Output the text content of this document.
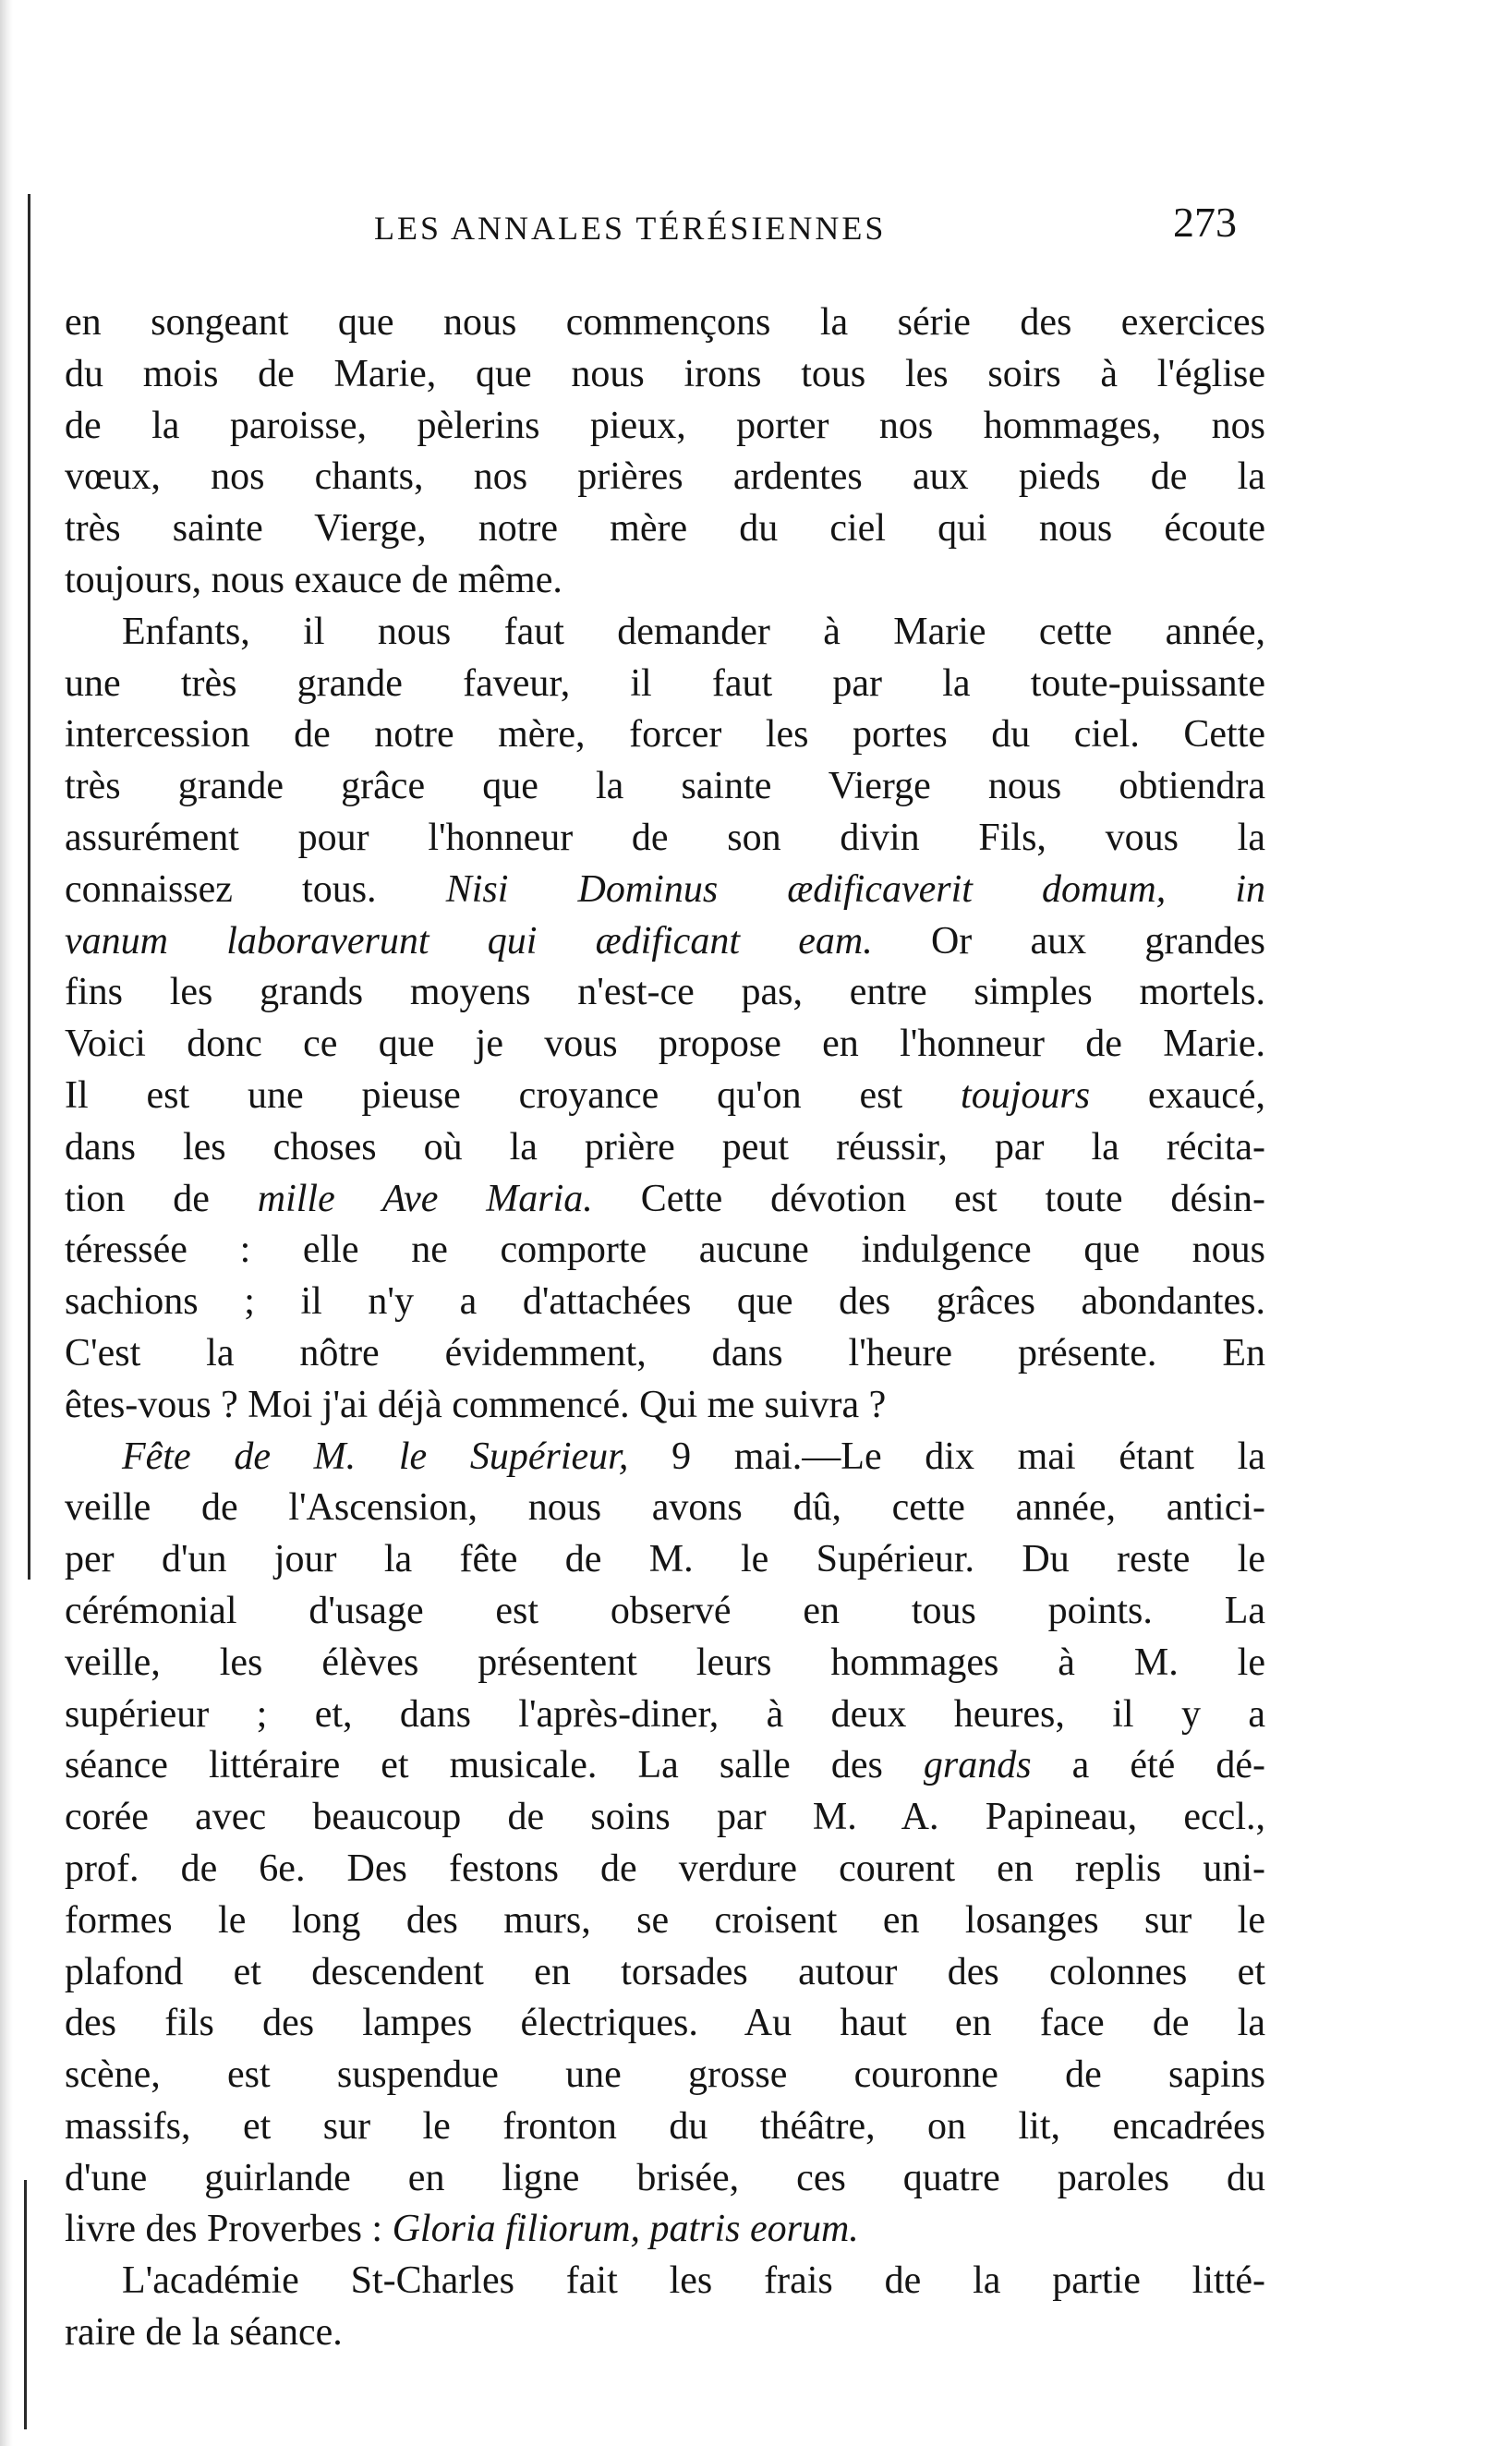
LES ANNALES TÉRÉSIENNES	273
en songeant que nous commençons la série des exercices
du mois de Marie, que nous irons tous les soirs à l'église
de la paroisse, pèlerins pieux, porter nos hommages, nos
vœux, nos chants, nos prières ardentes aux pieds de la
très sainte Vierge, notre mère du ciel qui nous écoute
toujours, nous exauce de même.
Enfants, il nous faut demander à Marie cette année,
une très grande faveur, il faut par la toute-puissante
intercession de notre mère, forcer les portes du ciel. Cette
très grande grâce que la sainte Vierge nous obtiendra
assurément pour l'honneur de son divin Fils, vous la
connaissez tous. Nisi Dominus ædificaverit domum, in
vanum laboraverunt qui ædificant eam. Or aux grandes
fins les grands moyens n'est-ce pas, entre simples mortels.
Voici donc ce que je vous propose en l'honneur de Marie.
Il est une pieuse croyance qu'on est toujours exaucé,
dans les choses où la prière peut réussir, par la récita-
tion de mille Ave Maria. Cette dévotion est toute désin-
téressée : elle ne comporte aucune indulgence que nous
sachions ; il n'y a d'attachées que des grâces abondantes.
C'est la nôtre évidemment, dans l'heure présente. En
êtes-vous ? Moi j'ai déjà commencé. Qui me suivra ?
Fête de M. le Supérieur, 9 mai.—Le dix mai étant la
veille de l'Ascension, nous avons dû, cette année, antici-
per d'un jour la fête de M. le Supérieur. Du reste le
cérémonial d'usage est observé en tous points. La
veille, les élèves présentent leurs hommages à M. le
supérieur ; et, dans l'après-diner, à deux heures, il y a
séance littéraire et musicale. La salle des grands a été dé-
corée avec beaucoup de soins par M. A. Papineau, eccl.,
prof. de 6e. Des festons de verdure courent en replis uni-
formes le long des murs, se croisent en losanges sur le
plafond et descendent en torsades autour des colonnes et
des fils des lampes électriques. Au haut en face de la
scène, est suspendue une grosse couronne de sapins
massifs, et sur le fronton du théâtre, on lit, encadrées
d'une guirlande en ligne brisée, ces quatre paroles du
livre des Proverbes : Gloria filiorum, patris eorum.
L'académie St-Charles fait les frais de la partie litté-
raire de la séance.
